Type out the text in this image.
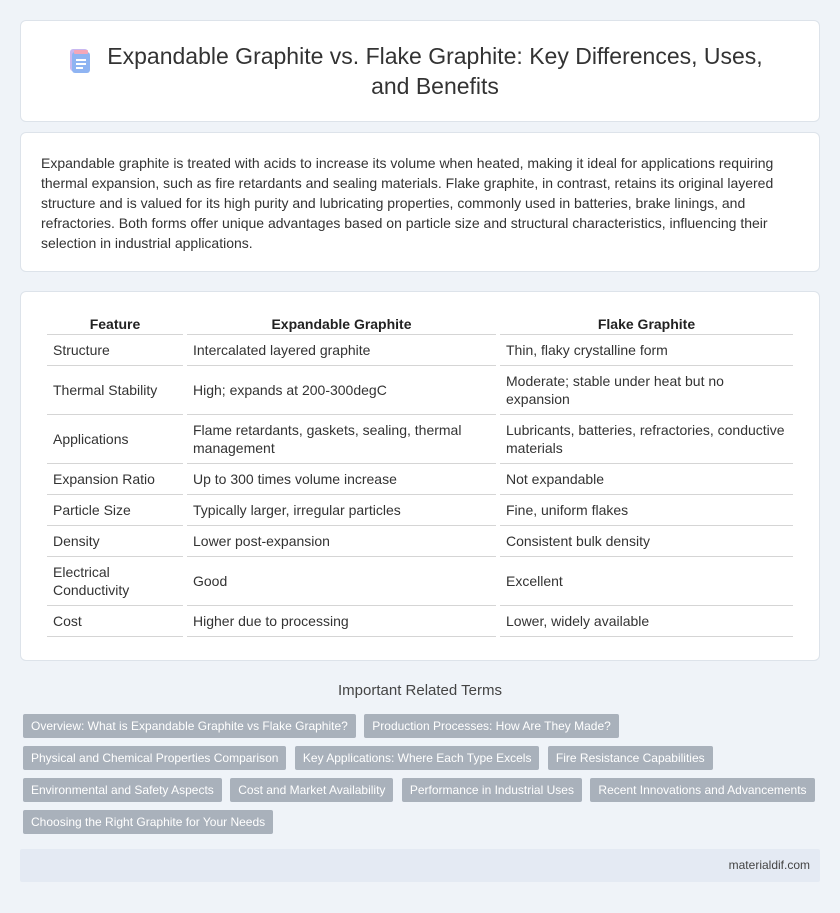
Expandable Graphite vs. Flake Graphite: Key Differences, Uses, and Benefits

Expandable graphite is treated with acids to increase its volume when heated, making it ideal for applications requiring thermal expansion, such as fire retardants and sealing materials. Flake graphite, in contrast, retains its original layered structure and is valued for its high purity and lubricating properties, commonly used in batteries, brake linings, and refractories. Both forms offer unique advantages based on particle size and structural characteristics, influencing their selection in industrial applications.

Feature	Expandable Graphite	Flake Graphite
Structure	Intercalated layered graphite	Thin, flaky crystalline form
Thermal Stability	High; expands at 200-300degC	Moderate; stable under heat but no expansion
Applications	Flame retardants, gaskets, sealing, thermal management	Lubricants, batteries, refractories, conductive materials
Expansion Ratio	Up to 300 times volume increase	Not expandable
Particle Size	Typically larger, irregular particles	Fine, uniform flakes
Density	Lower post-expansion	Consistent bulk density
Electrical Conductivity	Good	Excellent
Cost	Higher due to processing	Lower, widely available
Important Related Terms
Overview: What is Expandable Graphite vs Flake Graphite? Production Processes: How Are They Made? Physical and Chemical Properties Comparison Key Applications: Where Each Type Excels Fire Resistance Capabilities Environmental and Safety Aspects Cost and Market Availability Performance in Industrial Uses Recent Innovations and Advancements Choosing the Right Graphite for Your Needs
materialdif.com
